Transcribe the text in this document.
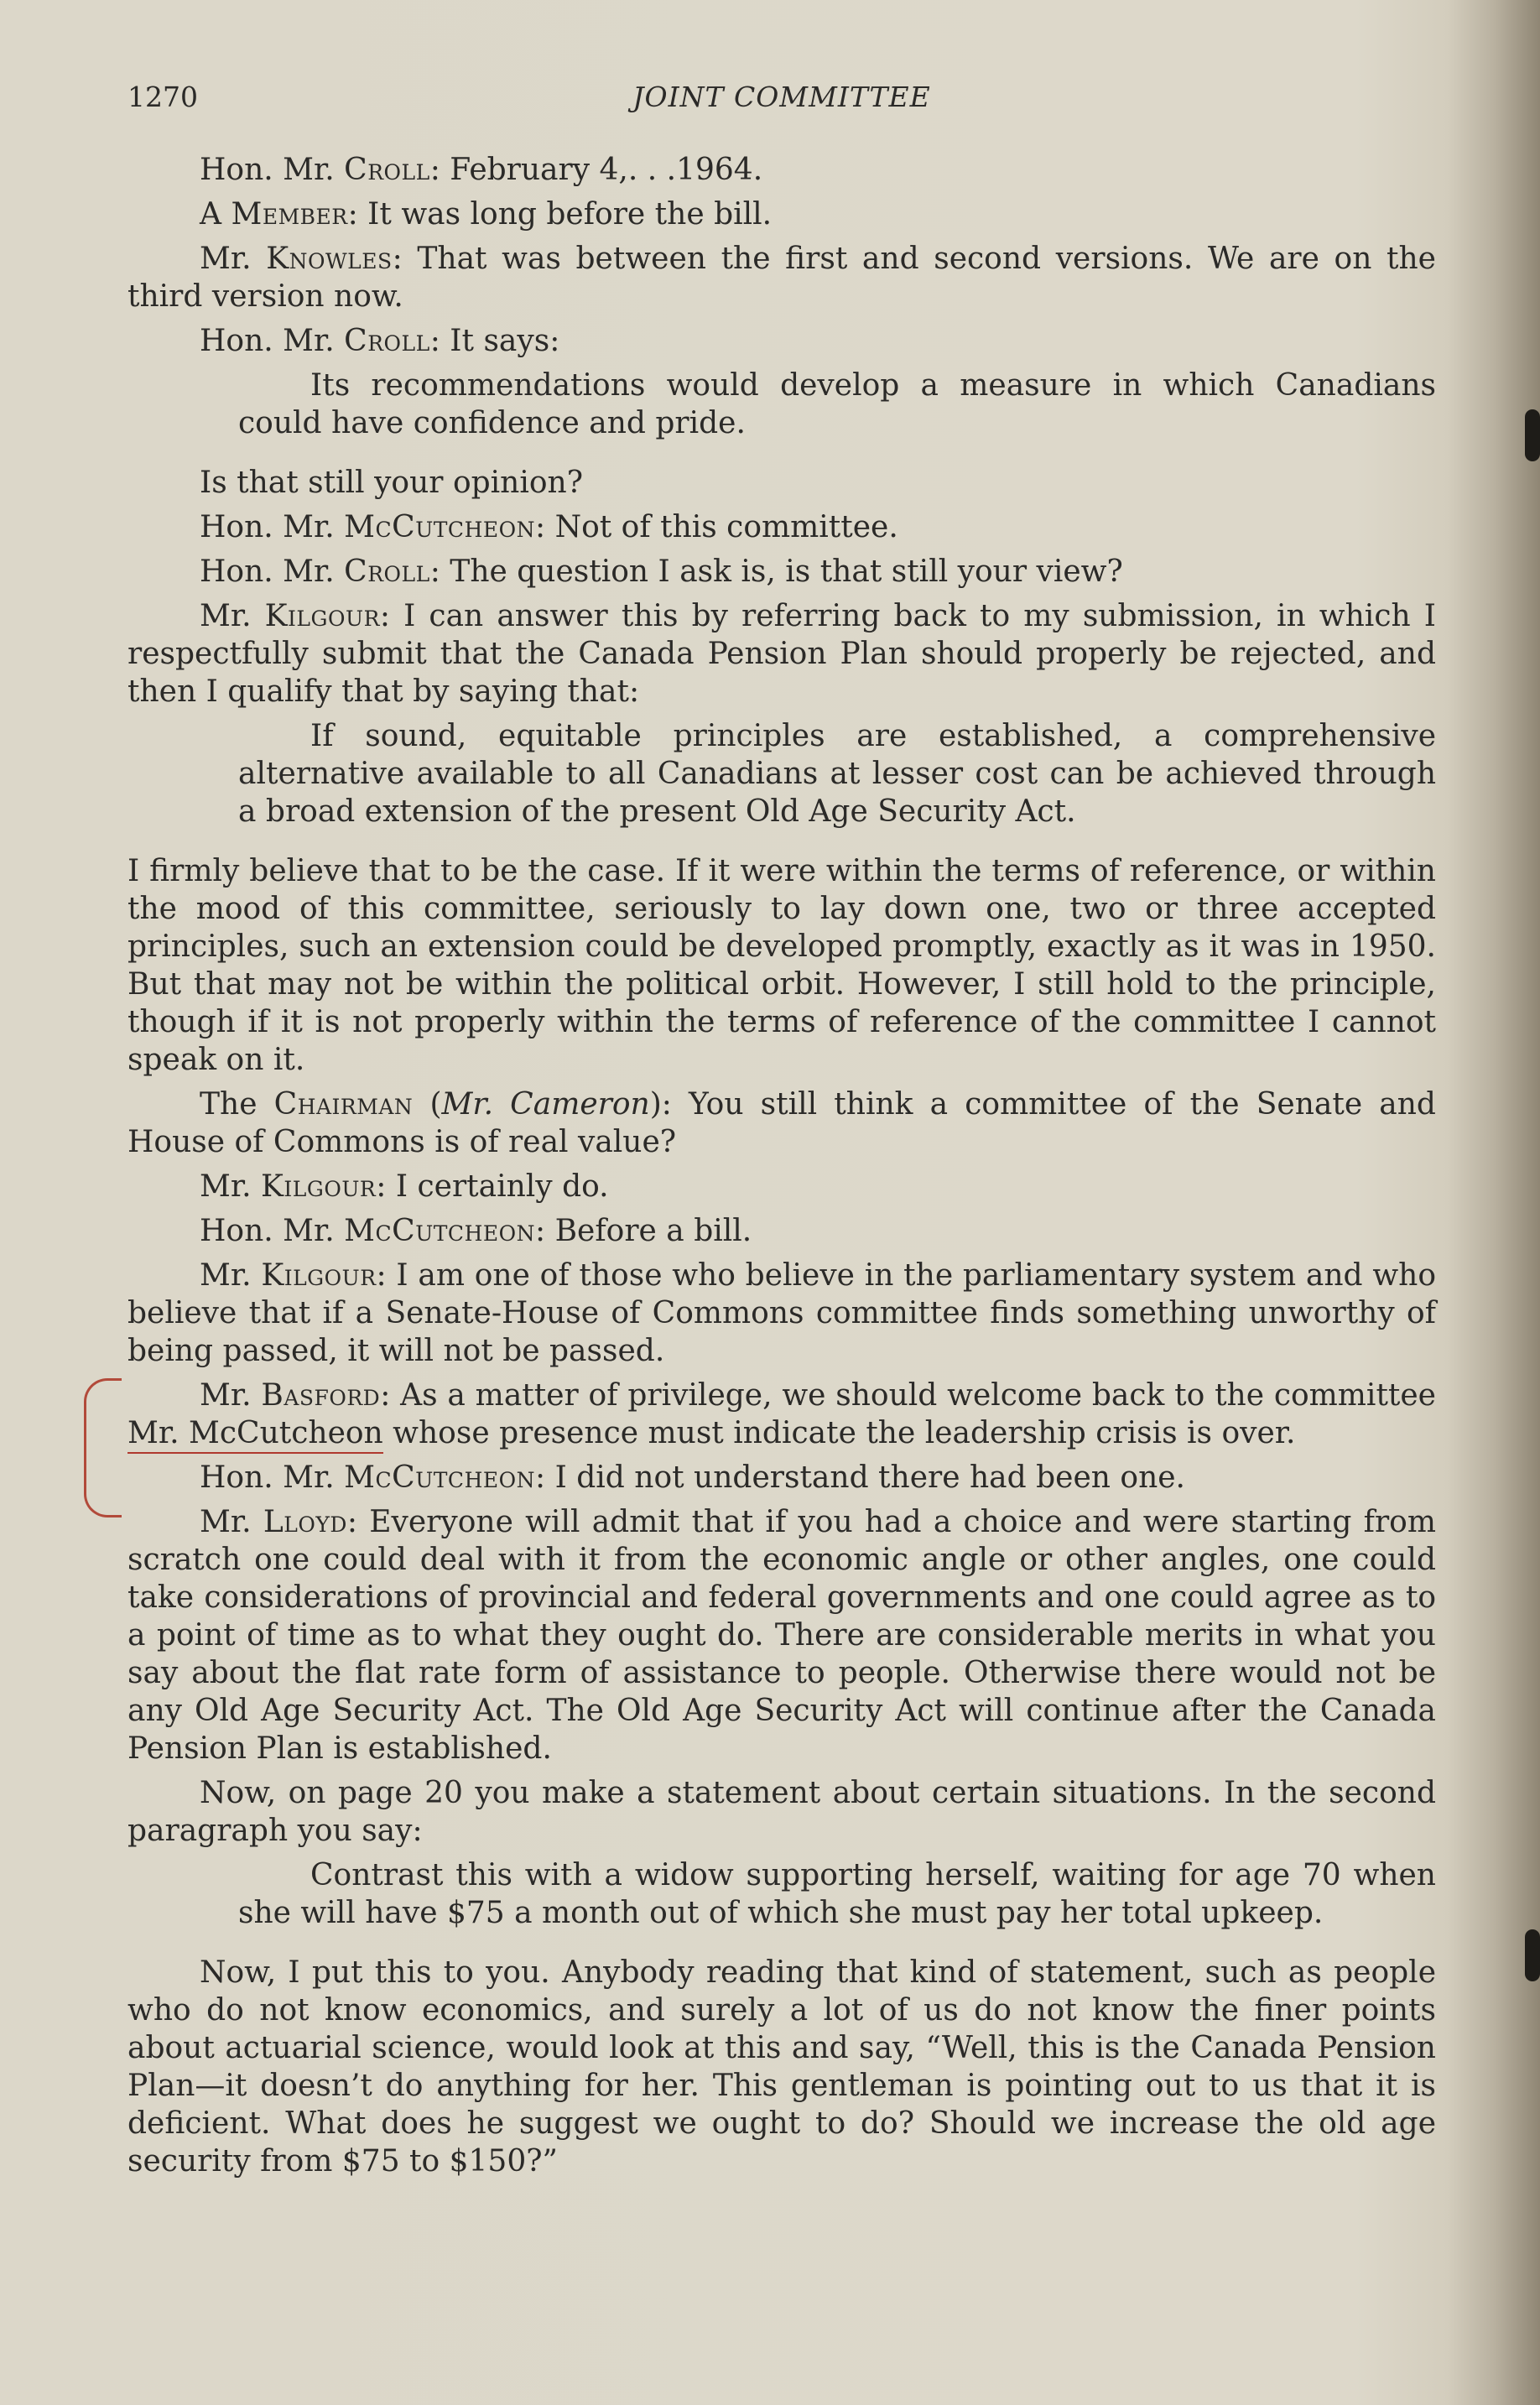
1270	JOINT COMMITTEE

Hon. Mr. Croll: February 4,. . .1964.

A Member: It was long before the bill.

Mr. Knowles: That was between the first and second versions. We are on the third version now.

Hon. Mr. Croll: It says:

Its recommendations would develop a measure in which Canadians could have confidence and pride.

Is that still your opinion?

Hon. Mr. McCutcheon: Not of this committee.

Hon. Mr. Croll: The question I ask is, is that still your view?

Mr. Kilgour: I can answer this by referring back to my submission, in which I respectfully submit that the Canada Pension Plan should properly be rejected, and then I qualify that by saying that:

If sound, equitable principles are established, a comprehensive alternative available to all Canadians at lesser cost can be achieved through a broad extension of the present Old Age Security Act.

I firmly believe that to be the case. If it were within the terms of reference, or within the mood of this committee, seriously to lay down one, two or three accepted principles, such an extension could be developed promptly, exactly as it was in 1950. But that may not be within the political orbit. However, I still hold to the principle, though if it is not properly within the terms of reference of the committee I cannot speak on it.

The Chairman (Mr. Cameron): You still think a committee of the Senate and House of Commons is of real value?

Mr. Kilgour: I certainly do.

Hon. Mr. McCutcheon: Before a bill.

Mr. Kilgour: I am one of those who believe in the parliamentary system and who believe that if a Senate-House of Commons committee finds something unworthy of being passed, it will not be passed.

Mr. Basford: As a matter of privilege, we should welcome back to the committee Mr. McCutcheon whose presence must indicate the leadership crisis is over.

Hon. Mr. McCutcheon: I did not understand there had been one.

Mr. Lloyd: Everyone will admit that if you had a choice and were starting from scratch one could deal with it from the economic angle or other angles, one could take considerations of provincial and federal governments and one could agree as to a point of time as to what they ought do. There are considerable merits in what you say about the flat rate form of assistance to people. Otherwise there would not be any Old Age Security Act. The Old Age Security Act will continue after the Canada Pension Plan is established.

Now, on page 20 you make a statement about certain situations. In the second paragraph you say:

Contrast this with a widow supporting herself, waiting for age 70 when she will have $75 a month out of which she must pay her total upkeep.

Now, I put this to you. Anybody reading that kind of statement, such as people who do not know economics, and surely a lot of us do not know the finer points about actuarial science, would look at this and say, “Well, this is the Canada Pension Plan—it doesn’t do anything for her. This gentleman is pointing out to us that it is deficient. What does he suggest we ought to do? Should we increase the old age security from $75 to $150?”
